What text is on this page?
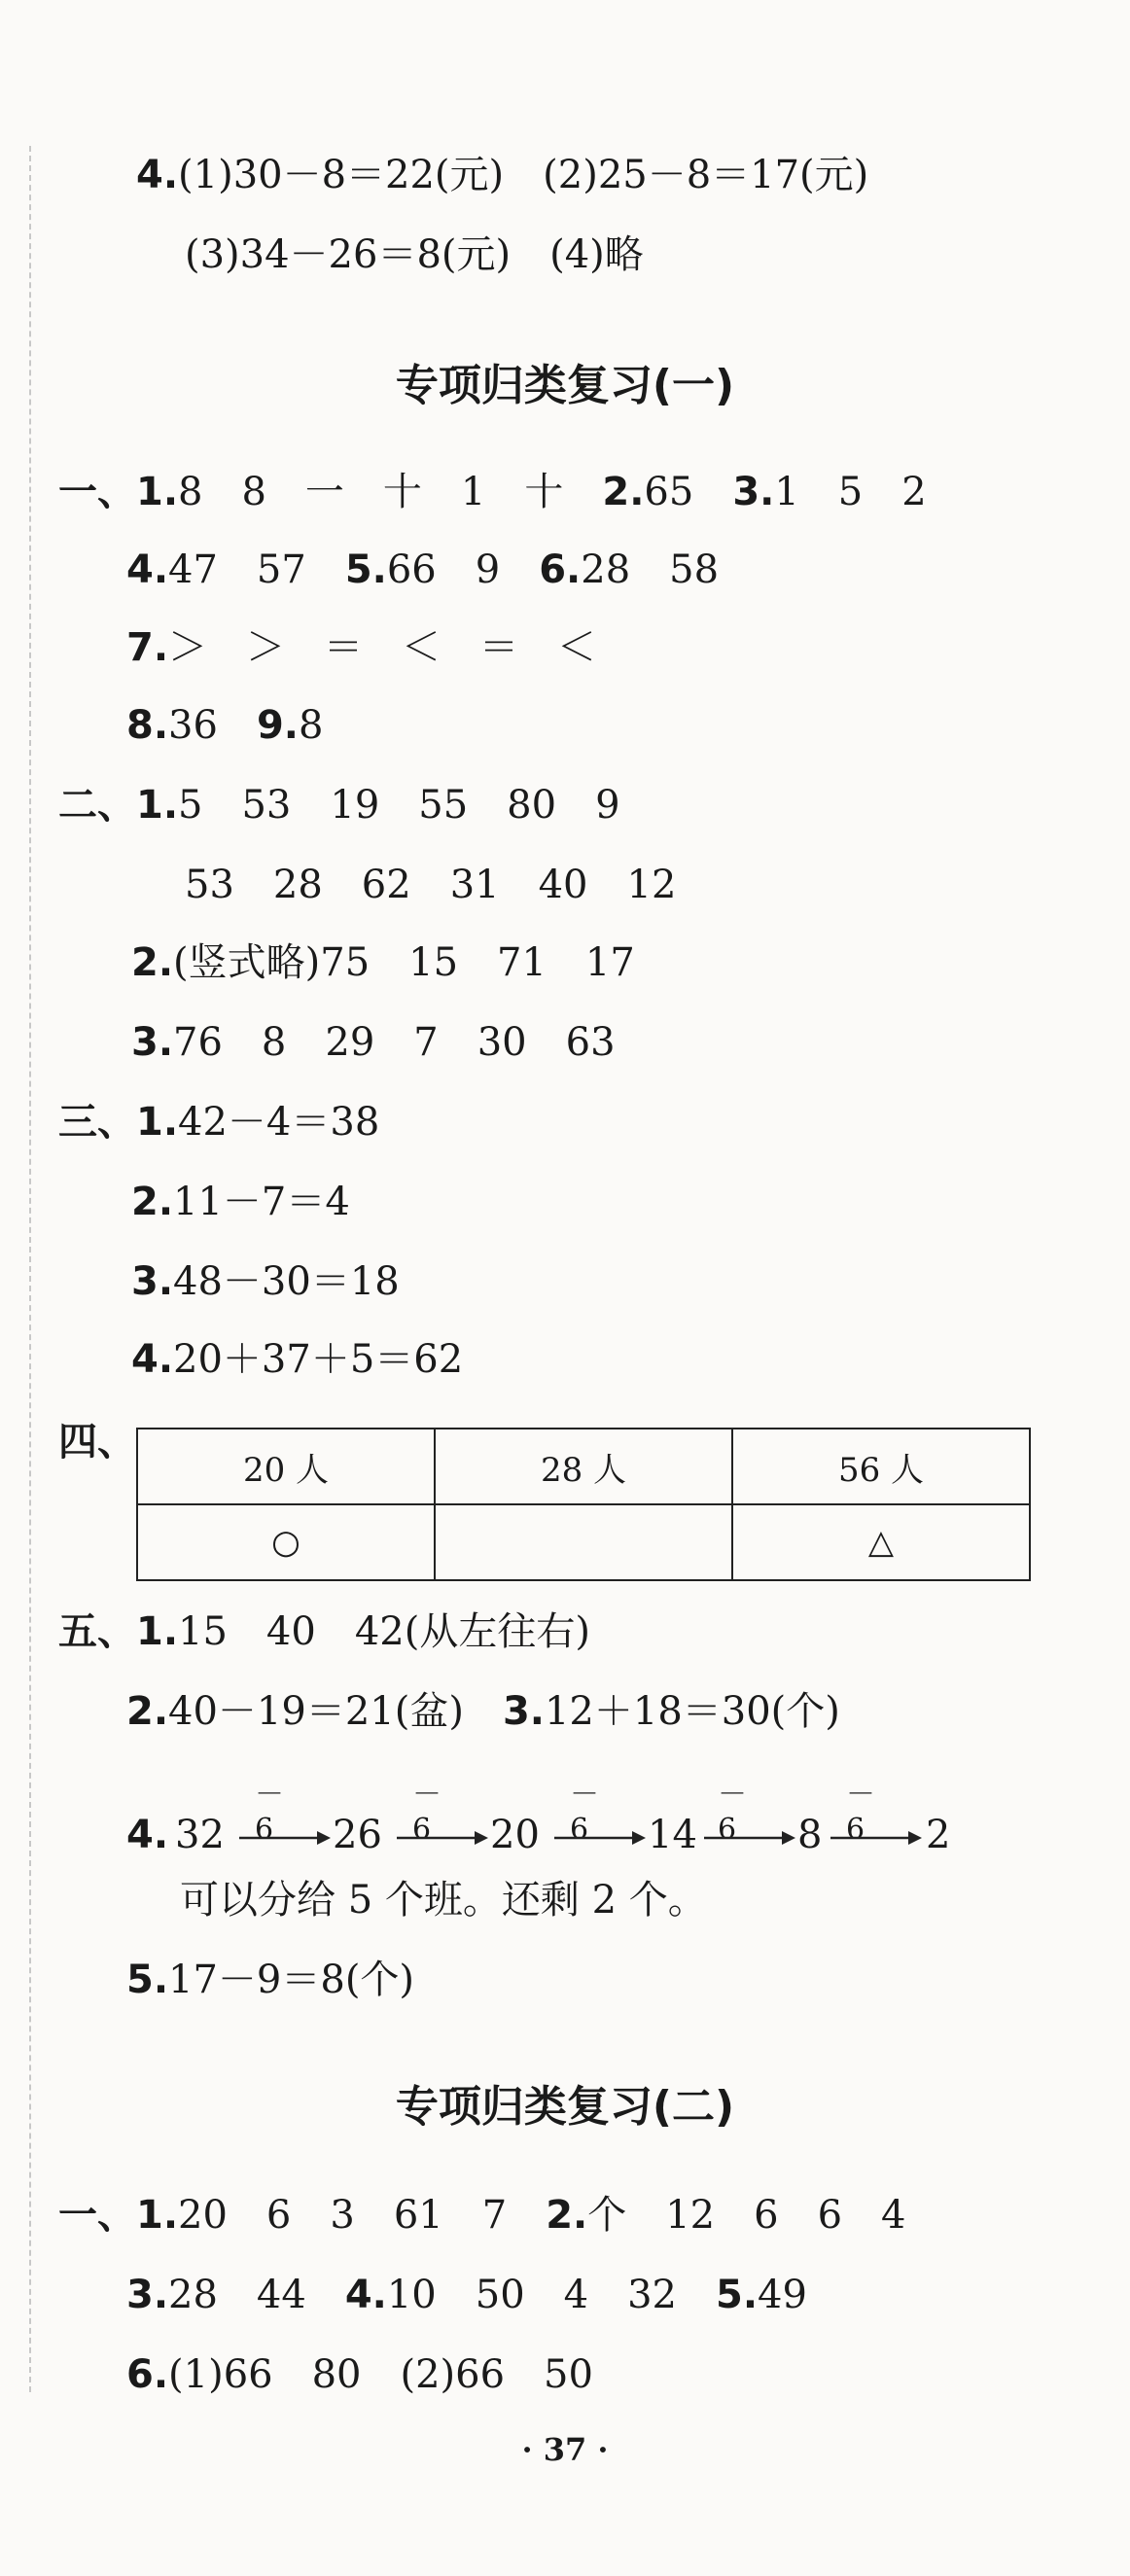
4.(1)30－8＝22(元)　 (2)25－8＝17(元)
(3)34－26＝8(元)　 (4)略
专项归类复习(一)
一、1.8　8　一　十　1　十　 2.65　 3.1　5　2
4.47　57　 5.66　9　 6.28　58
7.＞　＞　＝　＜　＝　＜
8.36　 9.8
二、1.5　53　19　55　80　9
53　28　62　31　40　12
2.(竖式略)75　15　71　17
3.76　8　29　7　30　63
三、1.42－4＝38
2.11－7＝4
3.48－30＝18
4.20＋37＋5＝62
四、
20 人	28 人	56 人
○		△
五、1.15　40　42(从左往右)
2.40－19＝21(盆)　 3.12＋18＝30(个)
4. 32
－6 26
－6 20
－6 14
－6 8
－6 2
可以分给 5 个班。还剩 2 个。
5.17－9＝8(个)
专项归类复习(二)
一、1.20　6　3　61　7　 2.个　12　6　6　4
3.28　44　 4.10　50　4　32　 5.49
6.(1)66　80　(2)66　50
· 37 ·
